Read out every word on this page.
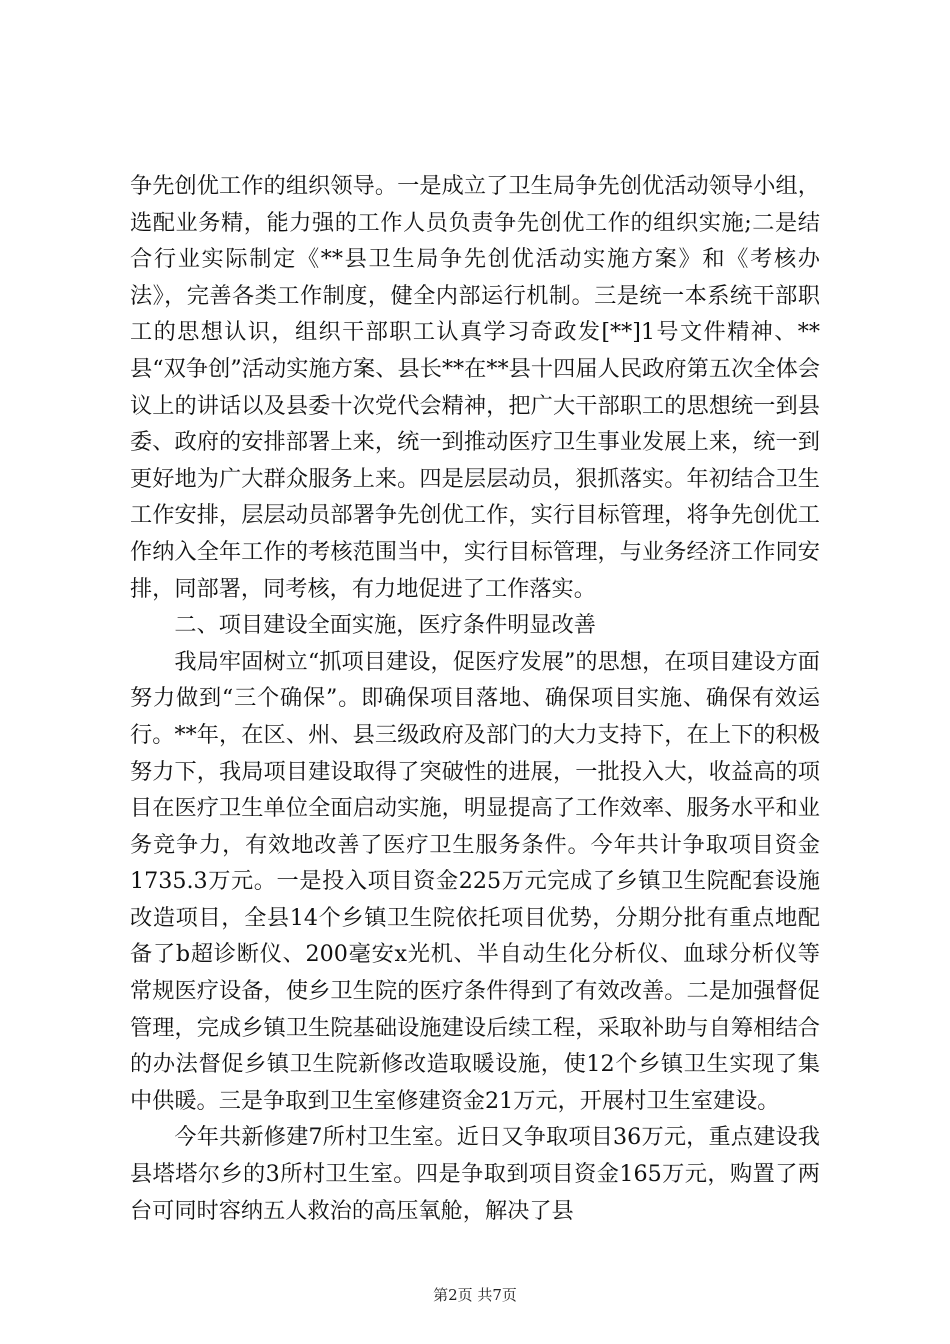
争先创优工作的组织领导。一是成立了卫生局争先创优活动领导小组，选配业务精，能力强的工作人员负责争先创优工作的组织实施;二是结合行业实际制定《**县卫生局争先创优活动实施方案》和《考核办法》，完善各类工作制度，健全内部运行机制。三是统一本系统干部职工的思想认识，组织干部职工认真学习奇政发[**]1号文件精神、**县“双争创”活动实施方案、县长**在**县十四届人民政府第五次全体会议上的讲话以及县委十次党代会精神，把广大干部职工的思想统一到县委、政府的安排部署上来，统一到推动医疗卫生事业发展上来，统一到更好地为广大群众服务上来。四是层层动员，狠抓落实。年初结合卫生工作安排，层层动员部署争先创优工作，实行目标管理，将争先创优工作纳入全年工作的考核范围当中，实行目标管理，与业务经济工作同安排，同部署，同考核，有力地促进了工作落实。

二、项目建设全面实施，医疗条件明显改善

我局牢固树立“抓项目建设，促医疗发展”的思想，在项目建设方面努力做到“三个确保”。即确保项目落地、确保项目实施、确保有效运行。**年，在区、州、县三级政府及部门的大力支持下，在上下的积极努力下，我局项目建设取得了突破性的进展，一批投入大，收益高的项目在医疗卫生单位全面启动实施，明显提高了工作效率、服务水平和业务竞争力，有效地改善了医疗卫生服务条件。今年共计争取项目资金1735.3万元。一是投入项目资金225万元完成了乡镇卫生院配套设施改造项目，全县14个乡镇卫生院依托项目优势，分期分批有重点地配备了b超诊断仪、200毫安x光机、半自动生化分析仪、血球分析仪等常规医疗设备，使乡卫生院的医疗条件得到了有效改善。二是加强督促管理，完成乡镇卫生院基础设施建设后续工程，采取补助与自筹相结合的办法督促乡镇卫生院新修改造取暖设施，使12个乡镇卫生实现了集中供暖。三是争取到卫生室修建资金21万元，开展村卫生室建设。

今年共新修建7所村卫生室。近日又争取项目36万元，重点建设我县塔塔尔乡的3所村卫生室。四是争取到项目资金165万元，购置了两台可同时容纳五人救治的高压氧舱，解决了县

第2页 共7页
